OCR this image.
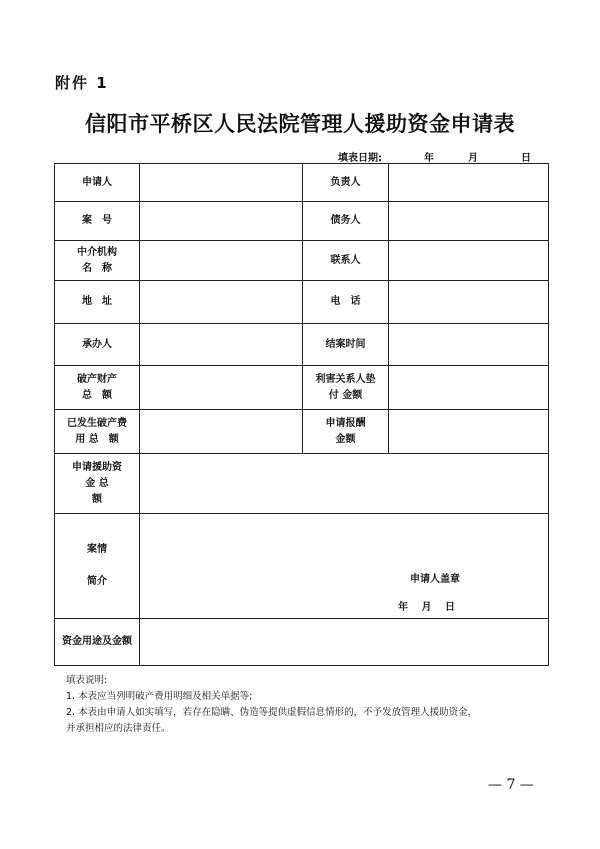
附件 1
信阳市平桥区人民法院管理人援助资金申请表
填表日期:	年	月	日
申请人		负责人	
案　号		债务人	
中介机构
名　称		联系人	
地　址		电　话	
承办人		结案时间	
破产财产
总　额		利害关系人垫
付 金额	
已发生破产费
用 总　额		申请报酬
金额	
申请援助资
金 总
额			
案情

简介	申请人盖章
年　 月　 日		

资金用途及金额			

填表说明:

1. 本表应当列明破产费用明细及相关单据等;

2. 本表由申请人如实填写，若存在隐瞒、伪造等提供虚假信息情形的，不予发放管理人援助资金，

并承担相应的法律责任。

— 7 —
